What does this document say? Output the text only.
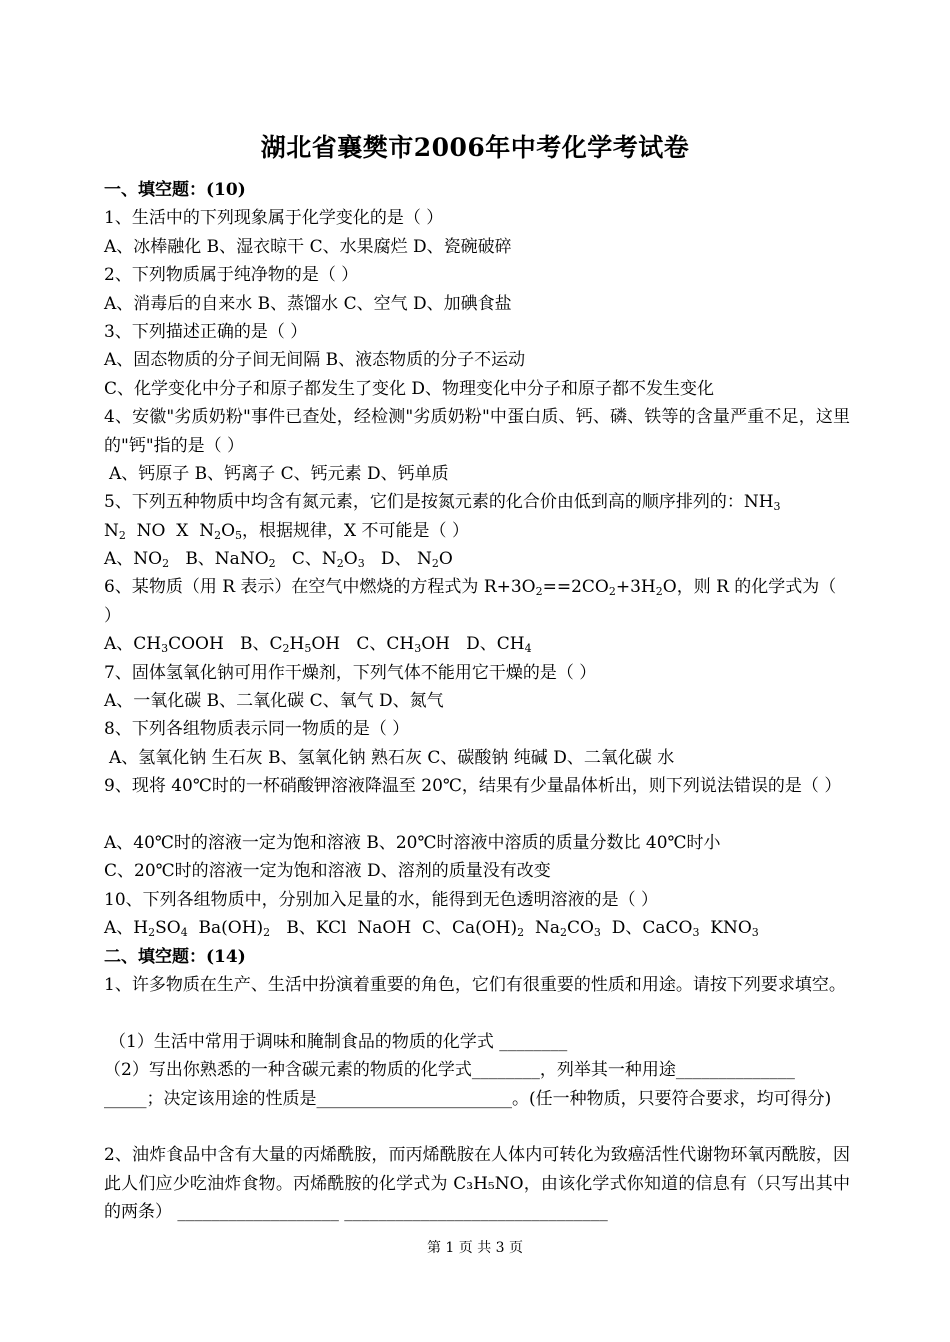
湖北省襄樊市2006年中考化学考试卷
一、填空题：(10)
1、生活中的下列现象属于化学变化的是（ ）
A、冰棒融化 B、湿衣晾干 C、水果腐烂 D、瓷碗破碎
2、下列物质属于纯净物的是（ ）
A、消毒后的自来水 B、蒸馏水 C、空气 D、加碘食盐
3、下列描述正确的是（ ）
A、固态物质的分子间无间隔 B、液态物质的分子不运动
C、化学变化中分子和原子都发生了变化 D、物理变化中分子和原子都不发生变化
4、安徽"劣质奶粉"事件已查处，经检测"劣质奶粉"中蛋白质、钙、磷、铁等的含量严重不足，这里的"钙"指的是（ ）
A、钙原子 B、钙离子 C、钙元素 D、钙单质
5、下列五种物质中均含有氮元素，它们是按氮元素的化合价由低到高的顺序排列的：$NH_3$
$N_2$  NO  X  $N_2O_5$，根据规律，X 不可能是（ ）
A、$NO_2$ B、NaNO$_2$ C、$N_2O_3$ D、 $N_2O$
6、某物质（用 R 表示）在空气中燃烧的方程式为 $R+3O_2==2CO_2+3H_2O$，则 R 的化学式为（
）
A、$CH_3COOH$   B、$C_2H_5OH$   C、$CH_3OH$   D、$CH_4$
7、固体氢氧化钠可用作干燥剂，下列气体不能用它干燥的是（ ）
A、一氧化碳 B、二氧化碳 C、氧气 D、氮气
8、下列各组物质表示同一物质的是（ ）
A、氢氧化钠 生石灰 B、氢氧化钠 熟石灰 C、碳酸钠 纯碱 D、二氧化碳 水
9、现将 40℃时的一杯硝酸钾溶液降温至 20℃，结果有少量晶体析出，则下列说法错误的是（ ）
A、40℃时的溶液一定为饱和溶液 B、20℃时溶液中溶质的质量分数比 40℃时小
C、20℃时的溶液一定为饱和溶液 D、溶剂的质量没有改变
10、下列各组物质中，分别加入足量的水，能得到无色透明溶液的是（ ）
A、$H_2SO_4$  $Ba(OH)_2$   B、KCl  NaOH  C、$Ca(OH)_2$  $Na_2CO_3$  D、CaCO$_3$  $KNO_3$
二、填空题：(14)
1、许多物质在生产、生活中扮演着重要的角色，它们有很重要的性质和用途。请按下列要求填空。
（1）生活中常用于调味和腌制食品的物质的化学式 ________
（2）写出你熟悉的一种含碳元素的物质的化学式________，列举其一种用途______________
_____；决定该用途的性质是_______________________。(任一种物质，只要符合要求，均可得分)
2、油炸食品中含有大量的丙烯酰胺，而丙烯酰胺在人体内可转化为致癌活性代谢物环氧丙酰胺，因此人们应少吃油炸食物。丙烯酰胺的化学式为 C₃H₅NO，由该化学式你知道的信息有（只写出其中的两条） ___________________ _______________________________
第 1 页 共 3 页
